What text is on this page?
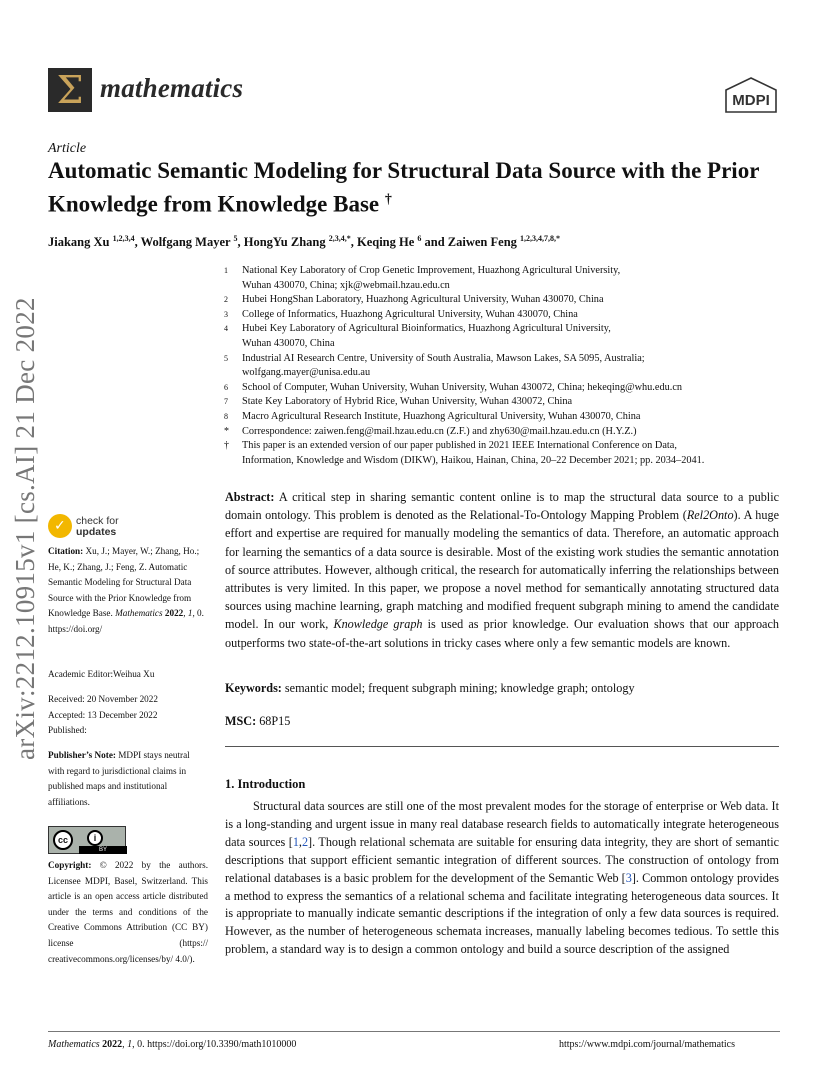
Σ mathematics	MDPI
Article
Automatic Semantic Modeling for Structural Data Source with the Prior Knowledge from Knowledge Base †
Jiakang Xu $^{1,2,3,4}$, Wolfgang Mayer $^5$, HongYu Zhang $^{2,3,4,*}$, Keqing He $^6$ and Zaiwen Feng $^{1,2,3,4,7,8,*}$
1	National Key Laboratory of Crop Genetic Improvement, Huazhong Agricultural University,
Wuhan 430070, China; xjk@webmail.hzau.edu.cn
2	Hubei HongShan Laboratory, Huazhong Agricultural University, Wuhan 430070, China
3	College of Informatics, Huazhong Agricultural University, Wuhan 430070, China
4	Hubei Key Laboratory of Agricultural Bioinformatics, Huazhong Agricultural University,
Wuhan 430070, China
5	Industrial AI Research Centre, University of South Australia, Mawson Lakes, SA 5095, Australia;
wolfgang.mayer@unisa.edu.au
6	School of Computer, Wuhan University, Wuhan University, Wuhan 430072, China; hekeqing@whu.edu.cn
7	State Key Laboratory of Hybrid Rice, Wuhan University, Wuhan 430072, China
8	Macro Agricultural Research Institute, Huazhong Agricultural University, Wuhan 430070, China
*	Correspondence: zaiwen.feng@mail.hzau.edu.cn (Z.F.) and zhy630@mail.hzau.edu.cn (H.Y.Z.)
†	This paper is an extended version of our paper published in 2021 IEEE International Conference on Data,
Information, Knowledge and Wisdom (DIKW), Haikou, Hainan, China, 20–22 December 2021; pp. 2034–2041.
arXiv:2212.10915v1 [cs.AI] 21 Dec 2022 ✓ check for
updates
Citation: Xu, J.; Mayer, W.; Zhang, Ho.; He, K.; Zhang, J.; Feng, Z. Automatic Semantic Modeling for Structural Data Source with the Prior Knowledge from Knowledge Base. Mathematics 2022, 1, 0. https://doi.org/
Academic Editor:Weihua Xu
Received: 20 November 2022
Accepted: 13 December 2022
Published:
Publisher’s Note: MDPI stays neutral with regard to jurisdictional claims in published maps and institutional affiliations.
cc	i
BY
Copyright: © 2022 by the authors. Licensee MDPI, Basel, Switzerland. This article is an open access article distributed under the terms and conditions of the Creative Commons Attribution (CC BY) license (https:// creativecommons.org/licenses/by/ 4.0/).
Abstract: A critical step in sharing semantic content online is to map the structural data source to a public domain ontology. This problem is denoted as the Relational-To-Ontology Mapping Problem (Rel2Onto). A huge effort and expertise are required for manually modeling the semantics of data. Therefore, an automatic approach for learning the semantics of a data source is desirable. Most of the existing work studies the semantic annotation of source attributes. However, although critical, the research for automatically inferring the relationships between attributes is very limited. In this paper, we propose a novel method for semantically annotating structured data sources using machine learning, graph matching and modified frequent subgraph mining to amend the candidate model. In our work, Knowledge graph is used as prior knowledge. Our evaluation shows that our approach outperforms two state-of-the-art solutions in tricky cases where only a few semantic models are known.
Keywords: semantic model; frequent subgraph mining; knowledge graph; ontology
MSC: 68P15
1. Introduction
Structural data sources are still one of the most prevalent modes for the storage of enterprise or Web data. It is a long-standing and urgent issue in many real database research fields to automatically integrate heterogeneous data sources [1,2]. Though relational schemata are suitable for ensuring data integrity, they are short of semantic descriptions that support efficient semantic integration of different sources. The construction of ontology from relational databases is a basic problem for the development of the Semantic Web [3]. Common ontology provides a method to express the semantics of a relational schema and facilitate integrating heterogeneous data sources. It is appropriate to manually indicate semantic descriptions if the integration of only a few data sources is required. However, as the number of heterogeneous schemata increases, manually labeling becomes tedious. To settle this problem, a standard way is to design a common ontology and build a source description of the assigned
Mathematics 2022, 1, 0. https://doi.org/10.3390/math1010000	https://www.mdpi.com/journal/mathematics
